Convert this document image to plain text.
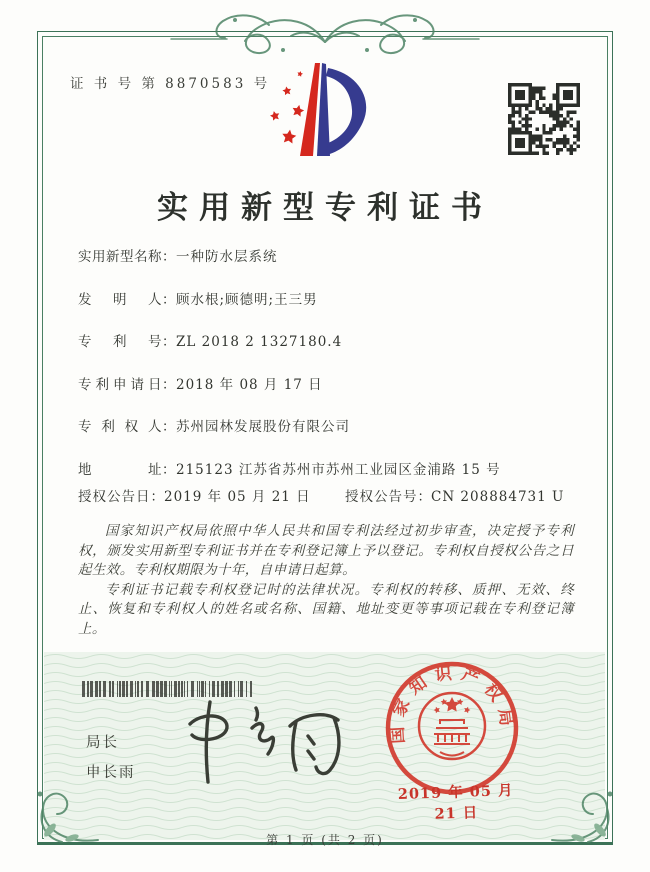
证 书 号 第 8870583 号
实用新型专利证书
实用新型名称：一种防水层系统
发明人：顾水根;顾德明;王三男
专利号：ZL 2018 2 1327180.4
专利申请日：2018 年 08 月 17 日
专利权人：苏州园林发展股份有限公司
地址：215123 江苏省苏州市苏州工业园区金浦路 15 号
授权公告日：2019 年 05 月 21 日	授权公告号：CN 208884731 U

国家知识产权局依照中华人民共和国专利法经过初步审查，决定授予专利权，颁发实用新型专利证书并在专利登记簿上予以登记。专利权自授权公告之日起生效。专利权期限为十年，自申请日起算。

专利证书记载专利权登记时的法律状况。专利权的转移、质押、无效、终止、恢复和专利权人的姓名或名称、国籍、地址变更等事项记载在专利登记簿上。

局长
申长雨
国家知识产权局
2019 年 05 月 21 日
第 1 页 (共 2 页)
